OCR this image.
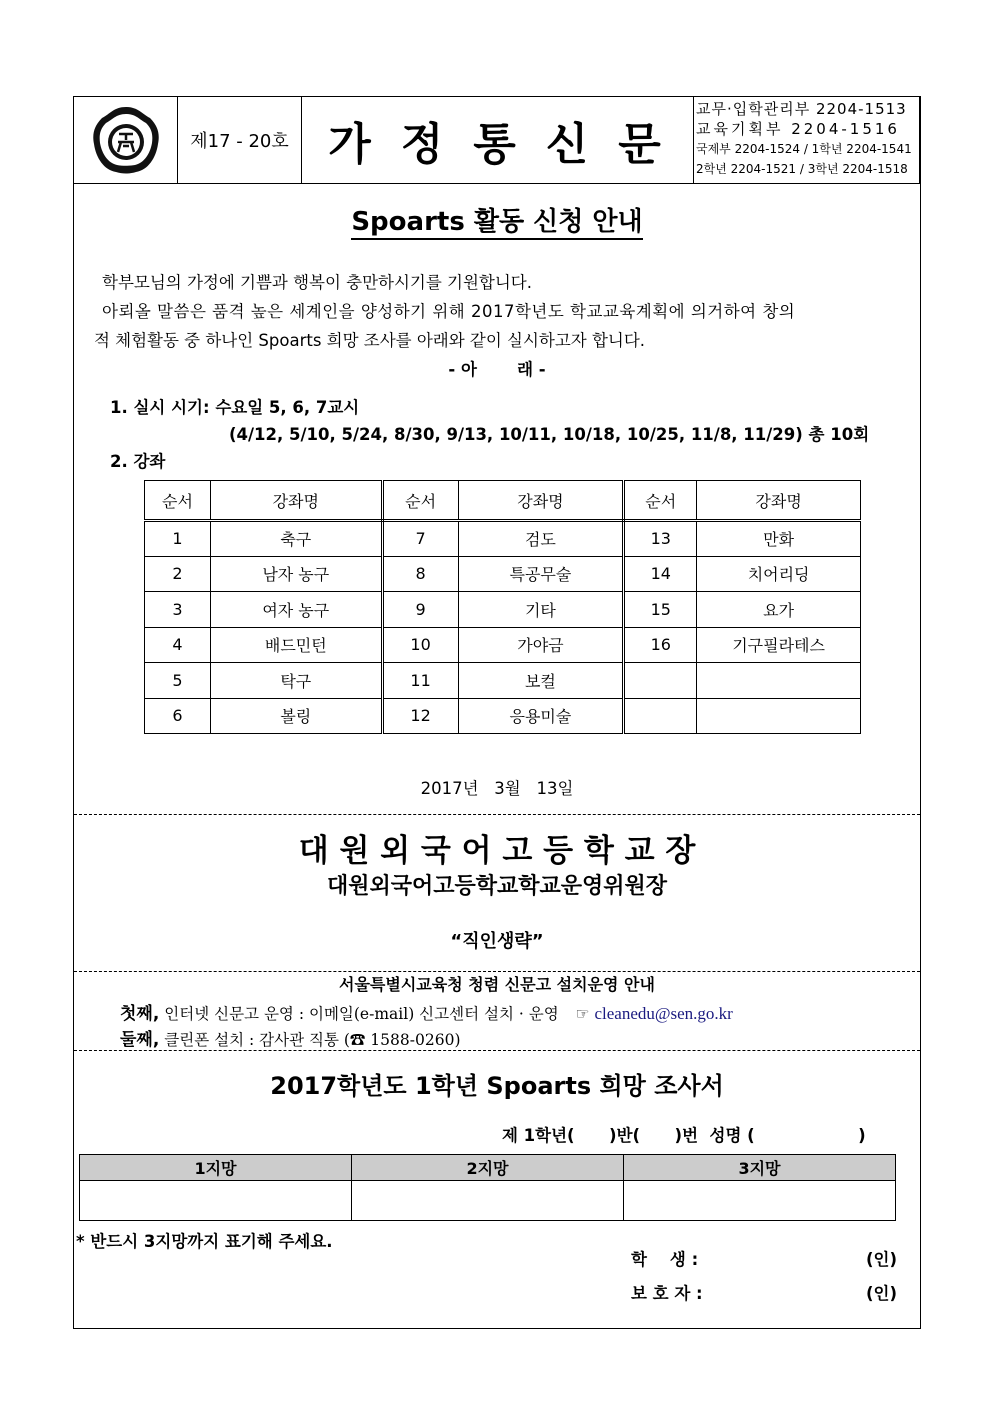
제17 - 20호 가정통신문
교무·입학관리부 2204-1513
교육기획부 2204-1516
국제부 2204-1524 / 1학년 2204-1541
2학년 2204-1521 / 3학년 2204-1518
Spoarts 활동 신청 안내
학부모님의 가정에 기쁨과 행복이 충만하시기를 기원합니다.
아뢰올 말씀은 품격 높은 세계인을 양성하기 위해 2017학년도 학교교육계획에 의거하여 창의
적 체험활동 중 하나인 Spoarts 희망 조사를 아래와 같이 실시하고자 합니다.
- 아       래 -
1. 실시 시기: 수요일 5, 6, 7교시
(4/12, 5/10, 5/24, 8/30, 9/13, 10/11, 10/18, 10/25, 11/8, 11/29) 총 10회
2. 강좌
순서	강좌명	순서	강좌명	순서	강좌명
1	축구	7	검도	13	만화
2	남자 농구	8	특공무술	14	치어리딩
3	여자 농구	9	기타	15	요가
4	배드민턴	10	가야금	16	기구필라테스
5	탁구	11	보컬		
6	볼링	12	응용미술		
2017년   3월   13일
대 원 외 국 어 고 등 학 교 장
대원외국어고등학교학교운영위원장
“직인생략”
서울특별시교육청 청렴 신문고 설치운영 안내
첫째, 인터넷 신문고 운영 : 이메일(e-mail) 신고센터 설치 · 운영 ☞ cleanedu@sen.go.kr
둘째, 클린폰 설치 : 감사관 직통 (☎ 1588-0260)
2017학년도 1학년 Spoarts 희망 조사서
제 1학년(      )반(      )번  성명 (                  )
1지망	2지망	3지망

* 반드시 3지망까지 표기해 주세요.
학    생 :	(인)
보 호 자 :	(인)
